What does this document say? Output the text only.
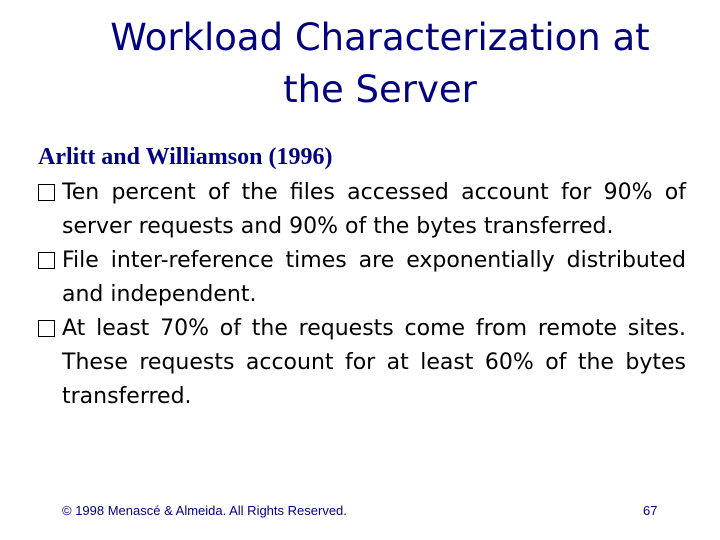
Workload Characterization at
the Server
Arlitt and Williamson (1996)
Ten percent of the files accessed account for 90% of server requests and 90% of the bytes transferred.
File inter-reference times are exponentially distributed and independent.
At least 70% of the requests come from remote sites. These requests account for at least 60% of the bytes transferred.
© 1998 Menascé & Almeida. All Rights Reserved.	67
